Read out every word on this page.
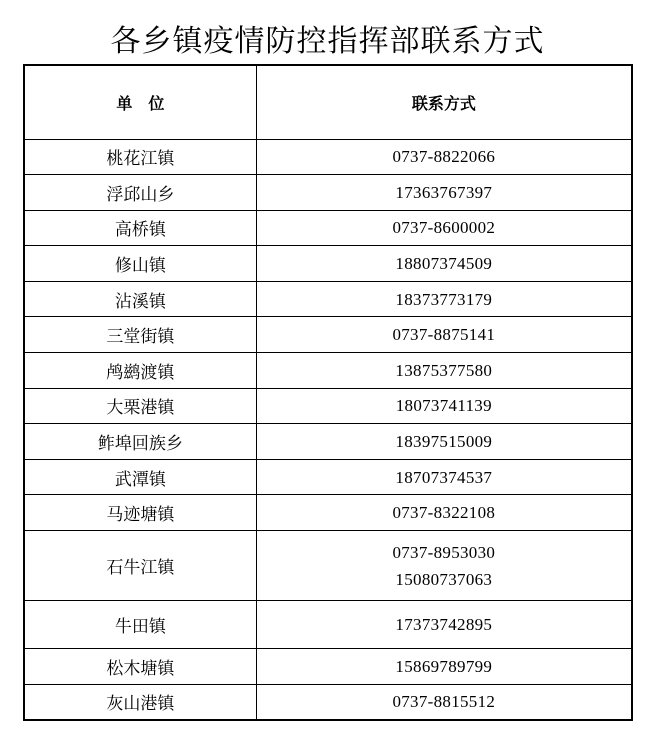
各乡镇疫情防控指挥部联系方式
单　位	联系方式
桃花江镇	0737-8822066

浮邱山乡	17363767397

高桥镇	0737-8600002

修山镇	18807374509

沾溪镇	18373773179

三堂街镇	0737-8875141

鸬鹚渡镇	13875377580

大栗港镇	18073741139

鲊埠回族乡	18397515009

武潭镇	18707374537

马迹塘镇	0737-8322108

石牛江镇	0737-8953030
15080737063

牛田镇	17373742895

松木塘镇	15869789799

灰山港镇	0737-8815512
